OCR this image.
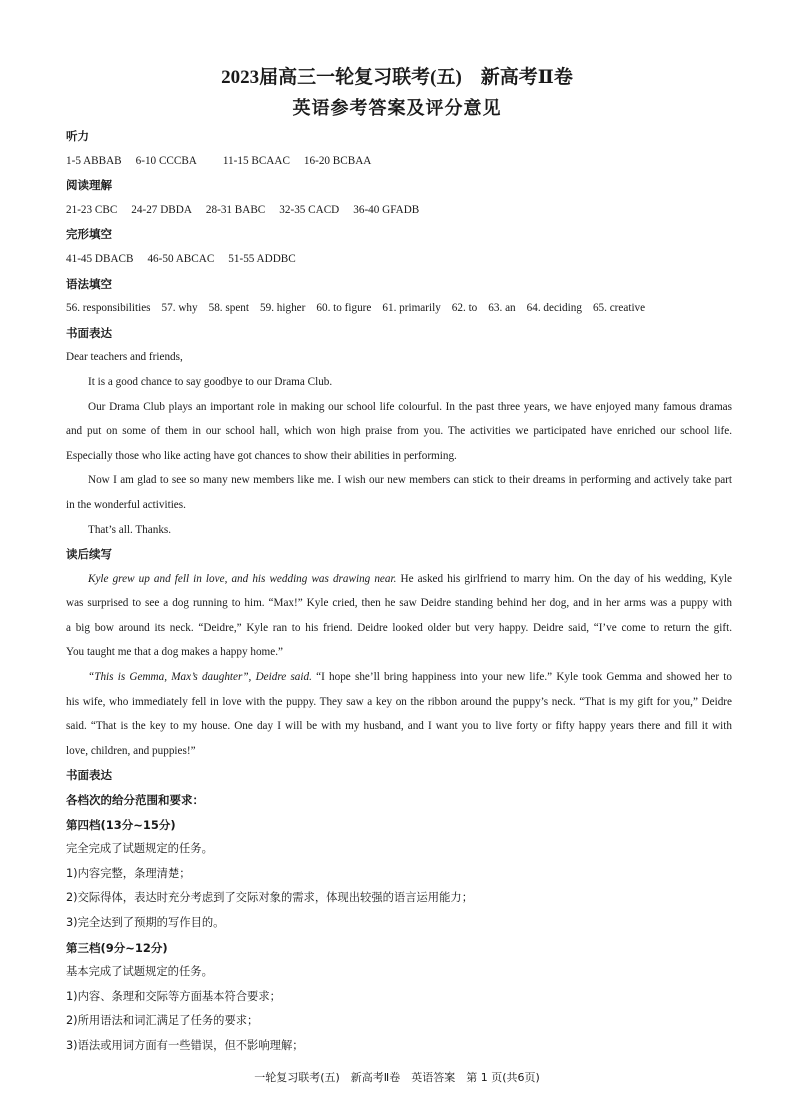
2023届高三一轮复习联考(五)　新高考Ⅱ卷
英语参考答案及评分意见
听力
1-5 ABBAB 6-10 CCCBA 11-15 BCAAC 16-20 BCBAA
阅读理解
21-23 CBC 24-27 DBDA 28-31 BABC 32-35 CACD 36-40 GFADB
完形填空
41-45 DBACB 46-50 ABCAC 51-55 ADDBC
语法填空
56. responsibilities 57. why 58. spent 59. higher 60. to figure 61. primarily 62. to 63. an 64. deciding 65. creative
书面表达
Dear teachers and friends,
It is a good chance to say goodbye to our Drama Club.
Our Drama Club plays an important role in making our school life colourful. In the past three years, we have enjoyed many famous dramas
and put on some of them in our school hall, which won high praise from you. The activities we participated have enriched our school life.
Especially those who like acting have got chances to show their abilities in performing.
Now I am glad to see so many new members like me. I wish our new members can stick to their dreams in performing and actively take part
in the wonderful activities.
That’s all. Thanks.
读后续写
Kyle grew up and fell in love, and his wedding was drawing near. He asked his girlfriend to marry him. On the day of his wedding, Kyle
was surprised to see a dog running to him. “Max!” Kyle cried, then he saw Deidre standing behind her dog, and in her arms was a puppy with
a big bow around its neck. “Deidre,” Kyle ran to his friend. Deidre looked older but very happy. Deidre said, “I’ve come to return the gift.
You taught me that a dog makes a happy home.”
“This is Gemma, Max’s daughter”, Deidre said. “I hope she’ll bring happiness into your new life.” Kyle took Gemma and showed her to
his wife, who immediately fell in love with the puppy. They saw a key on the ribbon around the puppy’s neck. “That is my gift for you,” Deidre
said. “That is the key to my house. One day I will be with my husband, and I want you to live forty or fifty happy years there and fill it with
love, children, and puppies!”
书面表达
各档次的给分范围和要求：
第四档(13分~15分)
完全完成了试题规定的任务。
1)内容完整，条理清楚；
2)交际得体，表达时充分考虑到了交际对象的需求，体现出较强的语言运用能力；
3)完全达到了预期的写作目的。
第三档(9分~12分)
基本完成了试题规定的任务。
1)内容、条理和交际等方面基本符合要求；
2)所用语法和词汇满足了任务的要求；
3)语法或用词方面有一些错误，但不影响理解；
一轮复习联考(五)　新高考Ⅱ卷　英语答案　第 1 页(共6页)
